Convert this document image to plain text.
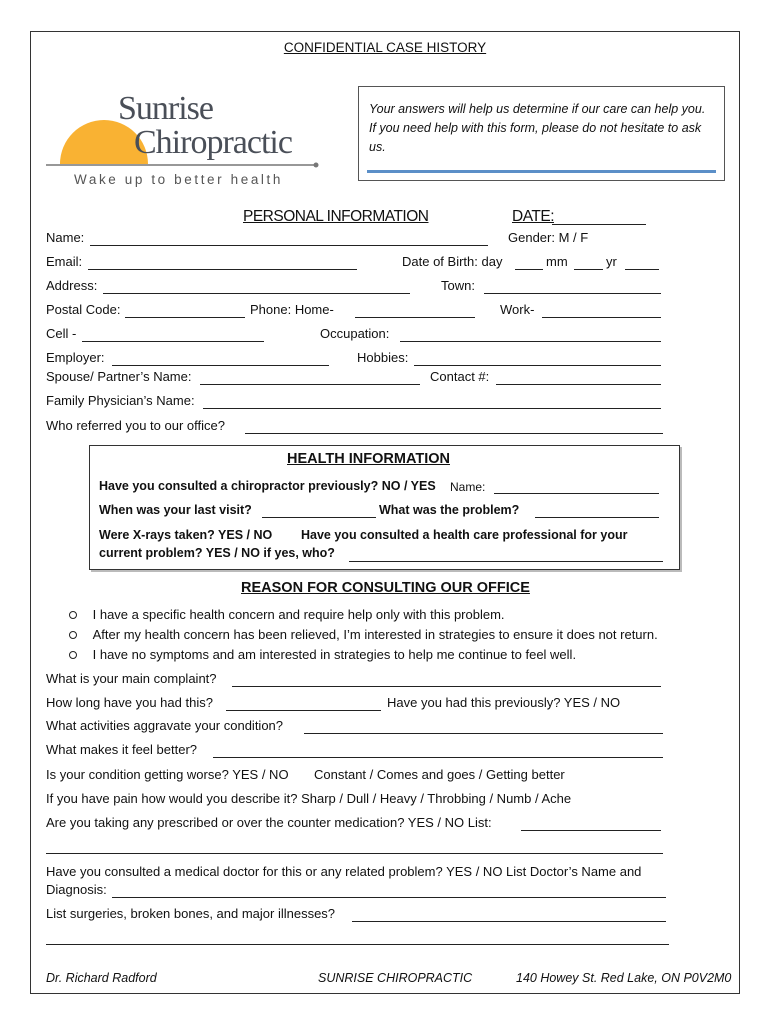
CONFIDENTIAL CASE HISTORY
Sunrise
Chiropractic
Wake up to better health
Your answers will help us determine if our care can help you. If you need help with this form, please do not hesitate to ask us.
PERSONAL INFORMATION	DATE:
Name:	Gender: M / F
Email:	Date of Birth: day	mm	yr
Address:	Town:
Postal Code:	Phone: Home-	Work-
Cell -	Occupation:
Employer:	Hobbies:
Spouse/ Partner’s Name:	Contact #:
Family Physician’s Name:
Who referred you to our office?
HEALTH INFORMATION
Have you consulted a chiropractor previously? NO / YES Name:
When was your last visit?	What was the problem?
Were X-rays taken? YES / NO Have you consulted a health care professional for your
current problem? YES / NO if yes, who?
REASON FOR CONSULTING OUR OFFICE
I have a specific health concern and require help only with this problem.
After my health concern has been relieved, I’m interested in strategies to ensure it does not return.
I have no symptoms and am interested in strategies to help me continue to feel well.
What is your main complaint?
How long have you had this?	Have you had this previously? YES / NO
What activities aggravate your condition?
What makes it feel better?
Is your condition getting worse? YES / NO Constant / Comes and goes / Getting better
If you have pain how would you describe it? Sharp / Dull / Heavy / Throbbing / Numb / Ache
Are you taking any prescribed or over the counter medication? YES / NO List:
Have you consulted a medical doctor for this or any related problem? YES / NO List Doctor’s Name and
Diagnosis:
List surgeries, broken bones, and major illnesses?
Dr. Richard Radford	SUNRISE CHIROPRACTIC	140 Howey St. Red Lake, ON P0V2M0
